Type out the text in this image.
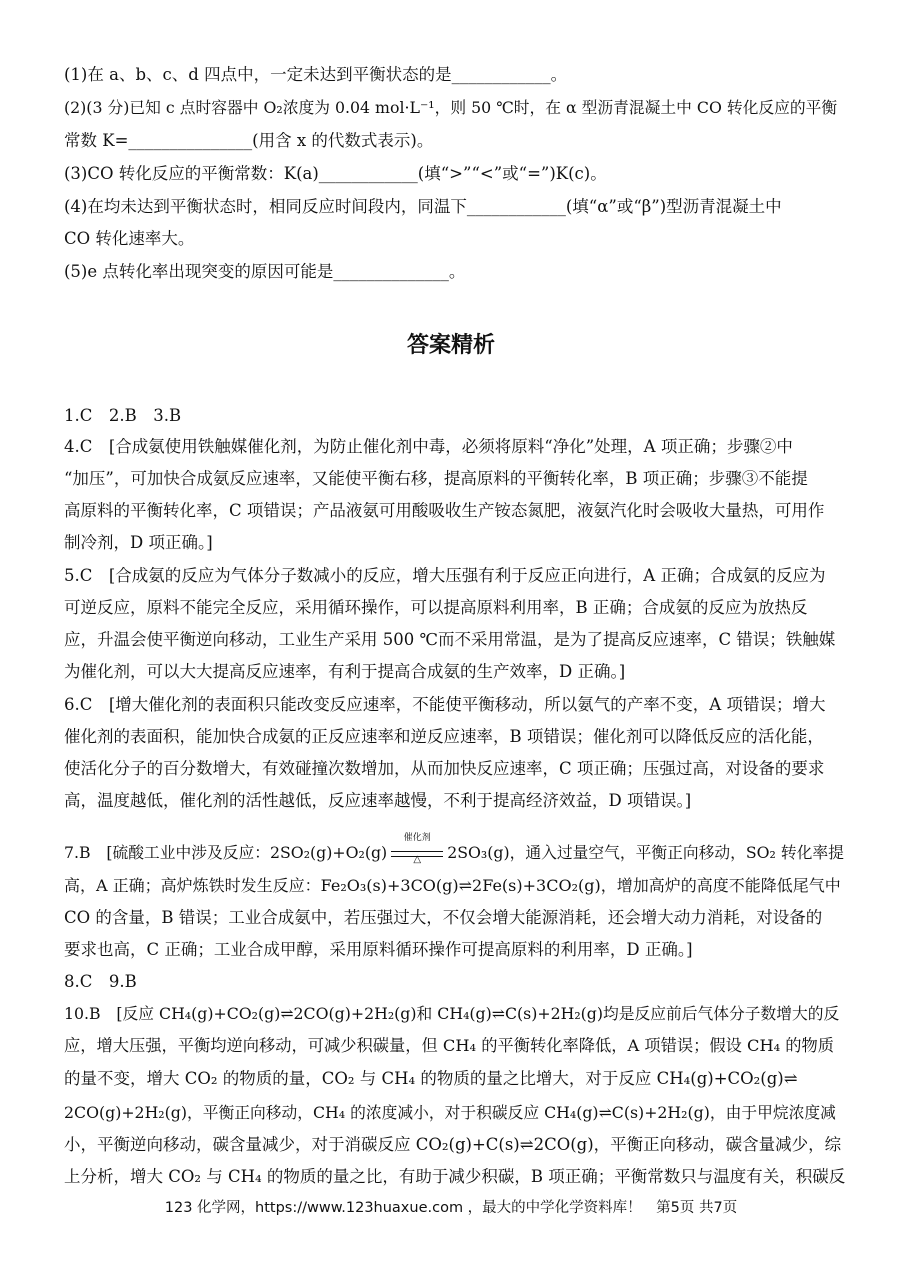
(1)在 a、b、c、d 四点中，一定未达到平衡状态的是____________。
(2)(3 分)已知 c 点时容器中 O₂浓度为 0.04 mol·L⁻¹，则 50 ℃时，在 α 型沥青混凝土中 CO 转化反应的平衡
常数 K=_______________(用含 x 的代数式表示)。
(3)CO 转化反应的平衡常数：K(a)____________(填“>”“<”或“=”)K(c)。
(4)在均未达到平衡状态时，相同反应时间段内，同温下____________(填“α”或“β”)型沥青混凝土中
CO 转化速率大。
(5)e 点转化率出现突变的原因可能是______________。
答案精析
1.C　2.B　3.B
4.C　[合成氨使用铁触媒催化剂，为防止催化剂中毒，必须将原料“净化”处理，A 项正确；步骤②中
“加压”，可加快合成氨反应速率，又能使平衡右移，提高原料的平衡转化率，B 项正确；步骤③不能提
高原料的平衡转化率，C 项错误；产品液氨可用酸吸收生产铵态氮肥，液氨汽化时会吸收大量热，可用作
制冷剂，D 项正确。]
5.C　[合成氨的反应为气体分子数减小的反应，增大压强有利于反应正向进行，A 正确；合成氨的反应为
可逆反应，原料不能完全反应，采用循环操作，可以提高原料利用率，B 正确；合成氨的反应为放热反
应，升温会使平衡逆向移动，工业生产采用 500 ℃而不采用常温，是为了提高反应速率，C 错误；铁触媒
为催化剂，可以大大提高反应速率，有利于提高合成氨的生产效率，D 正确。]
6.C　[增大催化剂的表面积只能改变反应速率，不能使平衡移动，所以氨气的产率不变，A 项错误；增大
催化剂的表面积，能加快合成氨的正反应速率和逆反应速率，B 项错误；催化剂可以降低反应的活化能，
使活化分子的百分数增大，有效碰撞次数增加，从而加快反应速率，C 项正确；压强过高，对设备的要求
高，温度越低，催化剂的活性越低，反应速率越慢，不利于提高经济效益，D 项错误。]
7.B　[硫酸工业中涉及反应：2SO₂(g)+O₂(g)
催化剂
△	2SO₃(g)，通入过量空气，平衡正向移动，SO₂ 转化率提
高，A 正确；高炉炼铁时发生反应：Fe₂O₃(s)+3CO(g)⇌2Fe(s)+3CO₂(g)，增加高炉的高度不能降低尾气中
CO 的含量，B 错误；工业合成氨中，若压强过大，不仅会增大能源消耗，还会增大动力消耗，对设备的
要求也高，C 正确；工业合成甲醇，采用原料循环操作可提高原料的利用率，D 正确。]
8.C　9.B
10.B　[反应 CH₄(g)+CO₂(g)⇌2CO(g)+2H₂(g)和 CH₄(g)⇌C(s)+2H₂(g)均是反应前后气体分子数增大的反
应，增大压强，平衡均逆向移动，可减少积碳量，但 CH₄ 的平衡转化率降低，A 项错误；假设 CH₄ 的物质
的量不变，增大 CO₂ 的物质的量，CO₂ 与 CH₄ 的物质的量之比增大，对于反应 CH₄(g)+CO₂(g)⇌
2CO(g)+2H₂(g)，平衡正向移动，CH₄ 的浓度减小，对于积碳反应 CH₄(g)⇌C(s)+2H₂(g)，由于甲烷浓度减
小，平衡逆向移动，碳含量减少，对于消碳反应 CO₂(g)+C(s)⇌2CO(g)，平衡正向移动，碳含量减少，综
上分析，增大 CO₂ 与 CH₄ 的物质的量之比，有助于减少积碳，B 项正确；平衡常数只与温度有关，积碳反
123 化学网，https://www.123huaxue.com ，最大的中学化学资料库！　第5页 共7页
